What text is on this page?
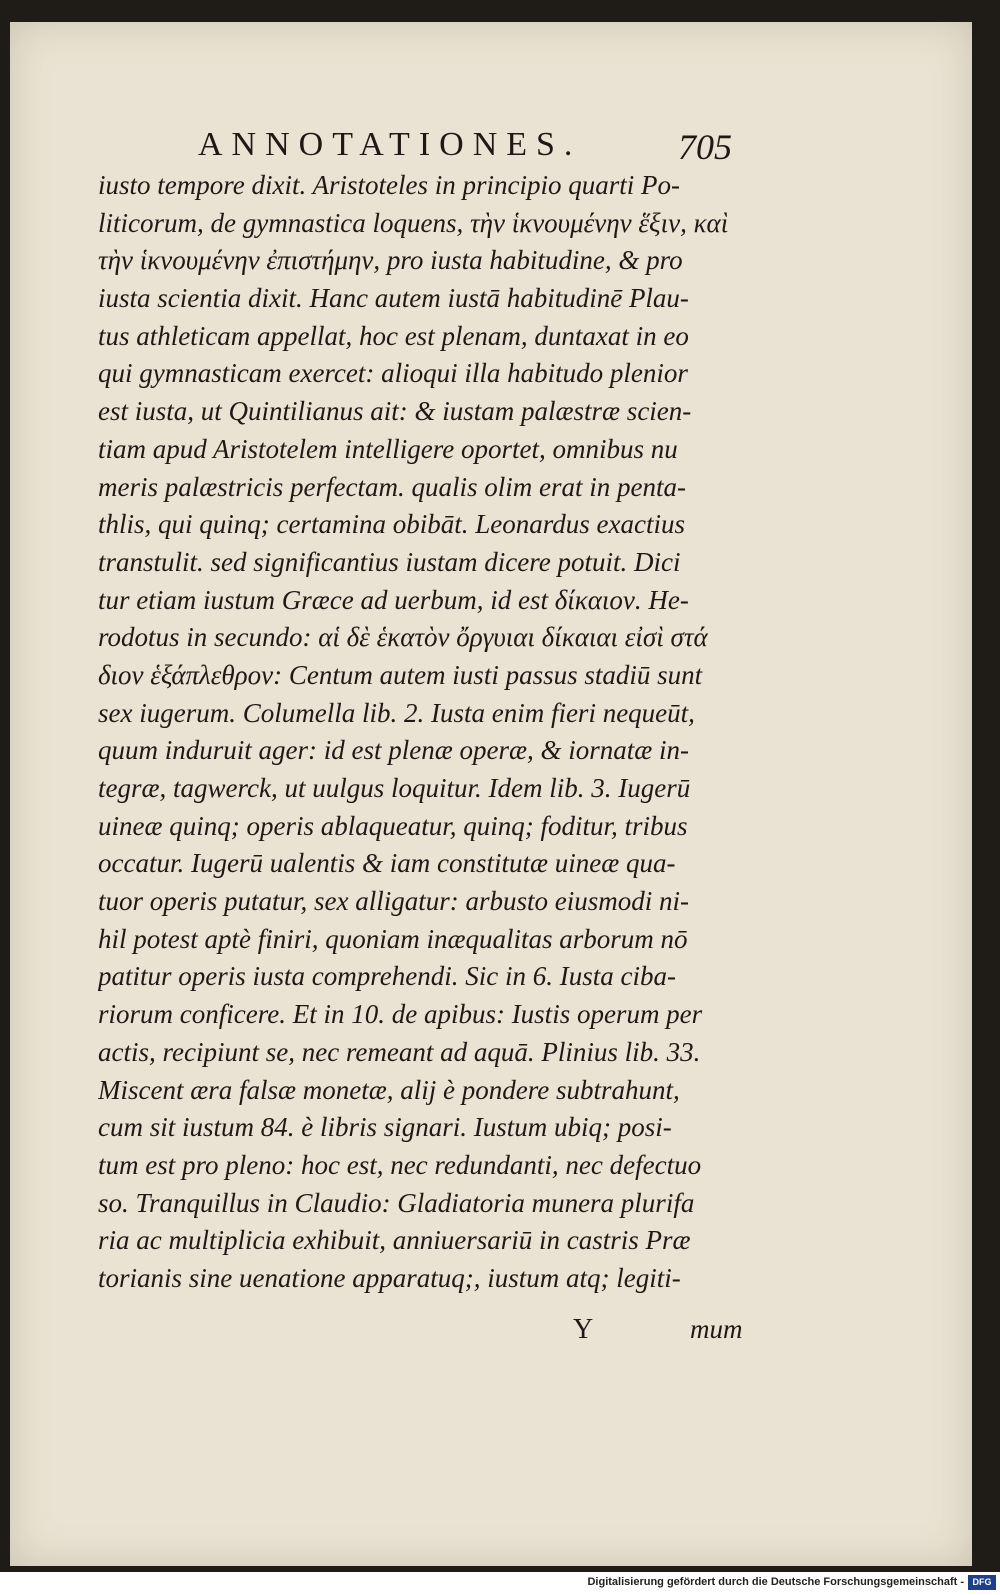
ANNOTATIONES.	705
iusto tempore dixit. Aristoteles in principio quarti Po-
liticorum, de gymnastica loquens, τὴν ἱκνουμένην ἕξιν, καὶ
τὴν ἱκνουμένην ἐπιστήμην, pro iusta habitudine, & pro
iusta scientia dixit. Hanc autem iustā habitudinē Plau-
tus athleticam appellat, hoc est plenam, duntaxat in eo
qui gymnasticam exercet: alioqui illa habitudo plenior
est iusta, ut Quintilianus ait: & iustam palæstræ scien-
tiam apud Aristotelem intelligere oportet, omnibus nu
meris palæstricis perfectam. qualis olim erat in penta-
thlis, qui quinq; certamina obibāt. Leonardus exactius
transtulit. sed significantius iustam dicere potuit. Dici
tur etiam iustum Græce ad uerbum, id est δίκαιον. He-
rodotus in secundo: αἱ δὲ ἑκατὸν ὄργυιαι δίκαιαι εἰσὶ στά
διον ἑξάπλεθρον: Centum autem iusti passus stadiū sunt
sex iugerum. Columella lib. 2. Iusta enim fieri nequeūt,
quum induruit ager: id est plenæ operæ, & iornatæ in-
tegræ, tagwerck, ut uulgus loquitur. Idem lib. 3. Iugerū
uineæ quinq; operis ablaqueatur, quinq; foditur, tribus
occatur. Iugerū ualentis & iam constitutæ uineæ qua-
tuor operis putatur, sex alligatur: arbusto eiusmodi ni-
hil potest aptè finiri, quoniam inæqualitas arborum nō
patitur operis iusta comprehendi. Sic in 6. Iusta ciba-
riorum conficere. Et in 10. de apibus: Iustis operum per
actis, recipiunt se, nec remeant ad aquā. Plinius lib. 33.
Miscent æra falsæ monetæ, alij è pondere subtrahunt,
cum sit iustum 84. è libris signari. Iustum ubiq; posi-
tum est pro pleno: hoc est, nec redundanti, nec defectuo
so. Tranquillus in Claudio: Gladiatoria munera plurifa
ria ac multiplicia exhibuit, anniuersariū in castris Præ
torianis sine uenatione apparatuq;, iustum atq; legiti-
Y	mum
Digitalisierung gefördert durch die Deutsche Forschungsgemeinschaft - DFG
